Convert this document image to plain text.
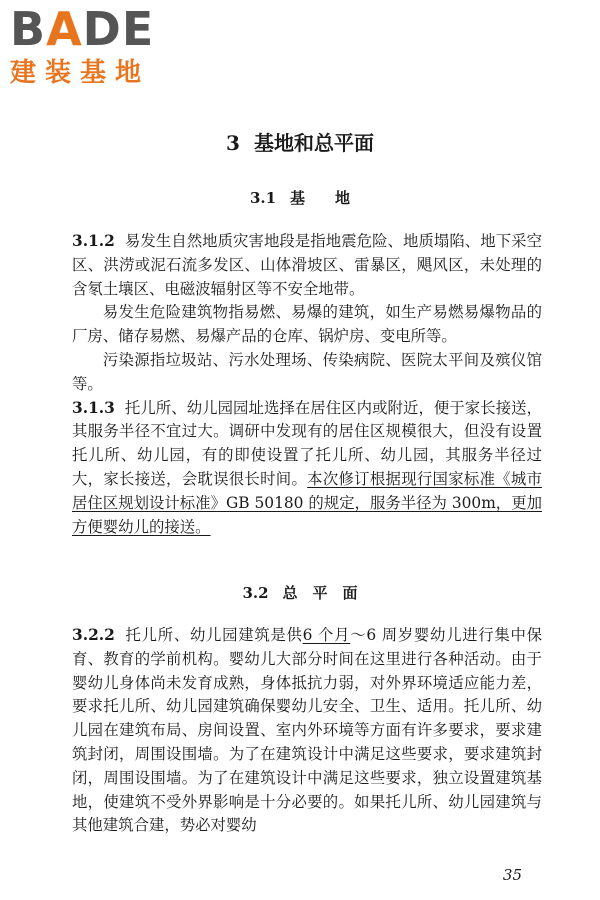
BADE
建装基地
3 基地和总平面
3.1 基　　地

3.1.2 易发生自然地质灾害地段是指地震危险、地质塌陷、地下采空区、洪涝或泥石流多发区、山体滑坡区、雷暴区，飓风区，未处理的含氡土壤区、电磁波辐射区等不安全地带。

易发生危险建筑物指易燃、易爆的建筑，如生产易燃易爆物品的厂房、储存易燃、易爆产品的仓库、锅炉房、变电所等。

污染源指垃圾站、污水处理场、传染病院、医院太平间及殡仪馆等。

3.1.3 托儿所、幼儿园园址选择在居住区内或附近，便于家长接送，其服务半径不宜过大。调研中发现有的居住区规模很大，但没有设置托儿所、幼儿园，有的即使设置了托儿所、幼儿园，其服务半径过大，家长接送，会耽误很长时间。本次修订根据现行国家标准《城市居住区规划设计标准》GB 50180 的规定，服务半径为 300m，更加方便婴幼儿的接送。

3.2 总　平　面

3.2.2 托儿所、幼儿园建筑是供6 个月～6 周岁婴幼儿进行集中保育、教育的学前机构。婴幼儿大部分时间在这里进行各种活动。由于婴幼儿身体尚未发育成熟，身体抵抗力弱，对外界环境适应能力差，要求托儿所、幼儿园建筑确保婴幼儿安全、卫生、适用。托儿所、幼儿园在建筑布局、房间设置、室内外环境等方面有许多要求，要求建筑封闭，周围设围墙。为了在建筑设计中满足这些要求，要求建筑封闭，周围设围墙。为了在建筑设计中满足这些要求，独立设置建筑基地，使建筑不受外界影响是十分必要的。如果托儿所、幼儿园建筑与其他建筑合建，势必对婴幼

35
